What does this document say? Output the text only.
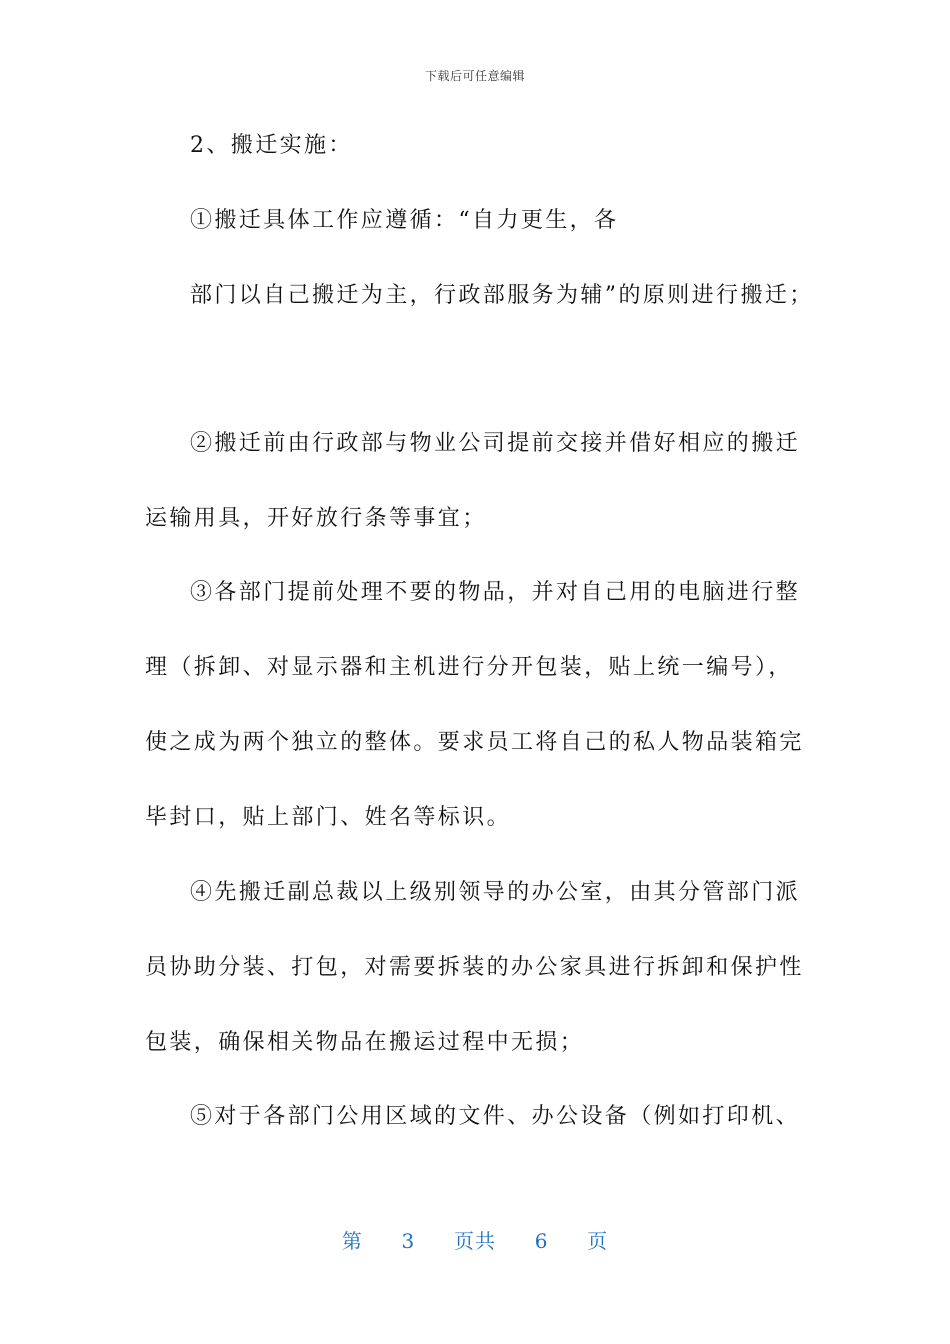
下载后可任意编辑
2、搬迁实施：
①搬迁具体工作应遵循：“自力更生，各
部门以自己搬迁为主，行政部服务为辅”的原则进行搬迁；
②搬迁前由行政部与物业公司提前交接并借好相应的搬迁
运输用具，开好放行条等事宜；
③各部门提前处理不要的物品，并对自己用的电脑进行整
理（拆卸、对显示器和主机进行分开包装，贴上统一编号），
使之成为两个独立的整体。要求员工将自己的私人物品装箱完
毕封口，贴上部门、姓名等标识。
④先搬迁副总裁以上级别领导的办公室，由其分管部门派
员协助分装、打包，对需要拆装的办公家具进行拆卸和保护性
包装，确保相关物品在搬运过程中无损；
⑤对于各部门公用区域的文件、办公设备（例如打印机、
第 3 页共 6 页
